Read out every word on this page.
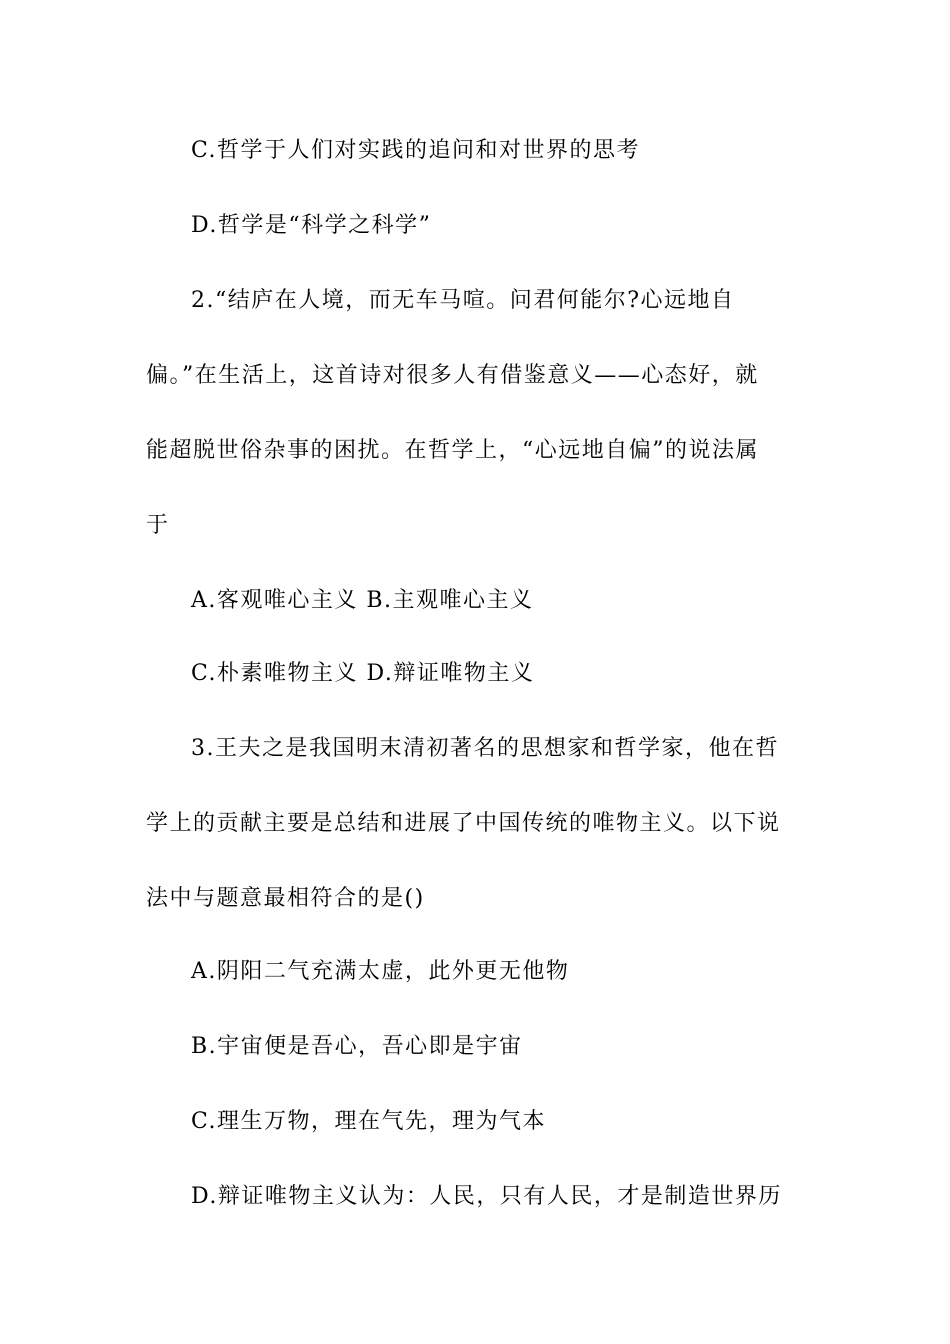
C.哲学于人们对实践的追问和对世界的思考
D.哲学是“科学之科学”
2.“结庐在人境，而无车马喧。问君何能尔?心远地自
偏。”在生活上，这首诗对很多人有借鉴意义——心态好，就
能超脱世俗杂事的困扰。在哲学上，“心远地自偏”的说法属
于
A.客观唯心主义 B.主观唯心主义
C.朴素唯物主义 D.辩证唯物主义
3.王夫之是我国明末清初著名的思想家和哲学家，他在哲
学上的贡献主要是总结和进展了中国传统的唯物主义。以下说
法中与题意最相符合的是()
A.阴阳二气充满太虚，此外更无他物
B.宇宙便是吾心，吾心即是宇宙
C.理生万物，理在气先，理为气本
D.辩证唯物主义认为：人民，只有人民，才是制造世界历
